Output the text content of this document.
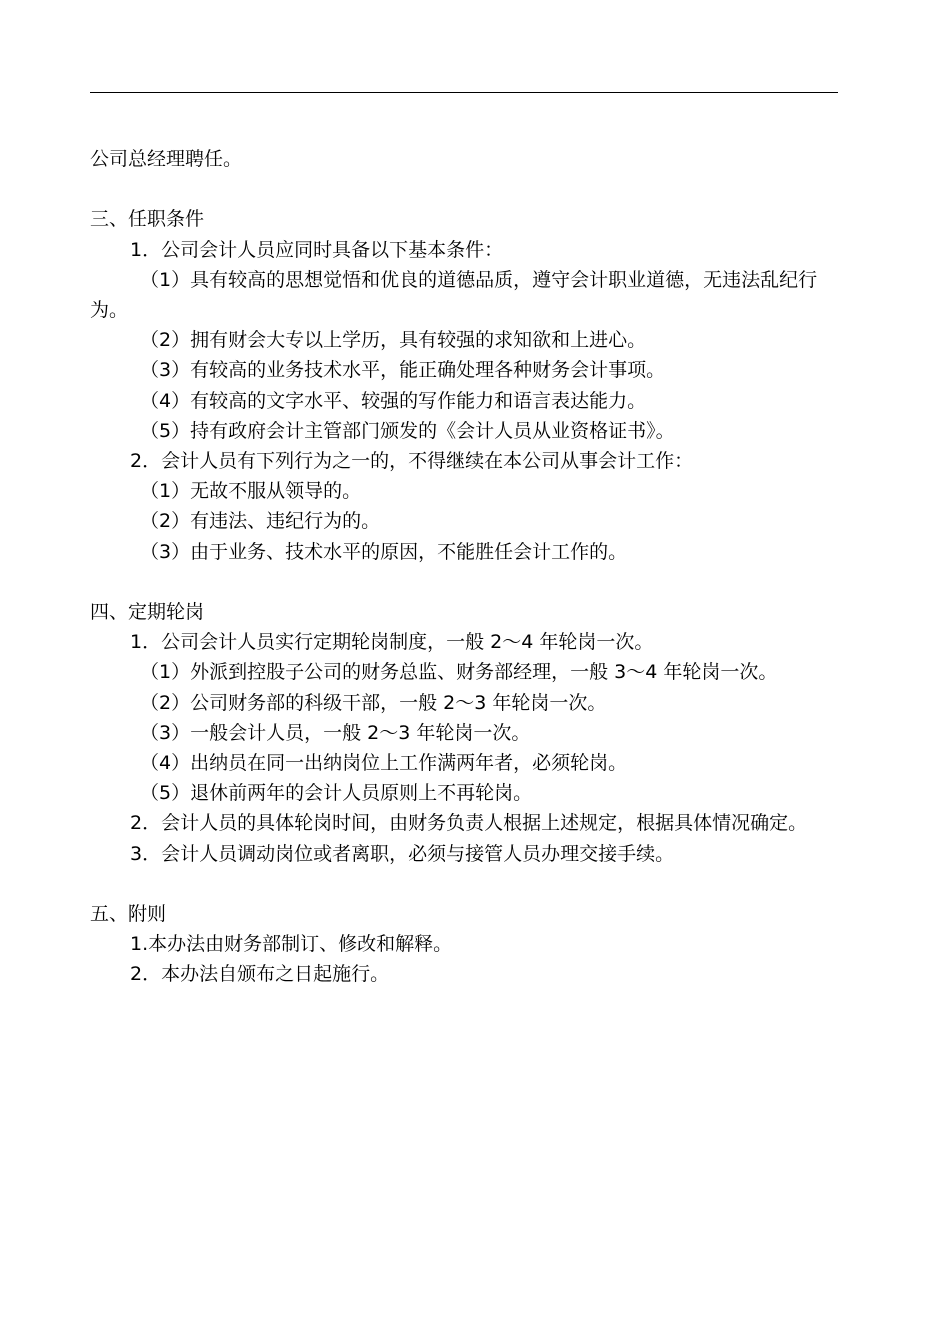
公司总经理聘任。

三、任职条件

1．公司会计人员应同时具备以下基本条件：

（1）具有较高的思想觉悟和优良的道德品质，遵守会计职业道德，无违法乱纪行为。

（2）拥有财会大专以上学历，具有较强的求知欲和上进心。

（3）有较高的业务技术水平，能正确处理各种财务会计事项。

（4）有较高的文字水平、较强的写作能力和语言表达能力。

（5）持有政府会计主管部门颁发的《会计人员从业资格证书》。

2．会计人员有下列行为之一的，不得继续在本公司从事会计工作：

（1）无故不服从领导的。

（2）有违法、违纪行为的。

（3）由于业务、技术水平的原因，不能胜任会计工作的。

四、定期轮岗

1．公司会计人员实行定期轮岗制度，一般 2～4 年轮岗一次。

（1）外派到控股子公司的财务总监、财务部经理，一般 3～4 年轮岗一次。

（2）公司财务部的科级干部，一般 2～3 年轮岗一次。

（3）一般会计人员，一般 2～3 年轮岗一次。

（4）出纳员在同一出纳岗位上工作满两年者，必须轮岗。

（5）退休前两年的会计人员原则上不再轮岗。

2．会计人员的具体轮岗时间，由财务负责人根据上述规定，根据具体情况确定。

3．会计人员调动岗位或者离职，必须与接管人员办理交接手续。

五、附则

1.本办法由财务部制订、修改和解释。

2．本办法自颁布之日起施行。
